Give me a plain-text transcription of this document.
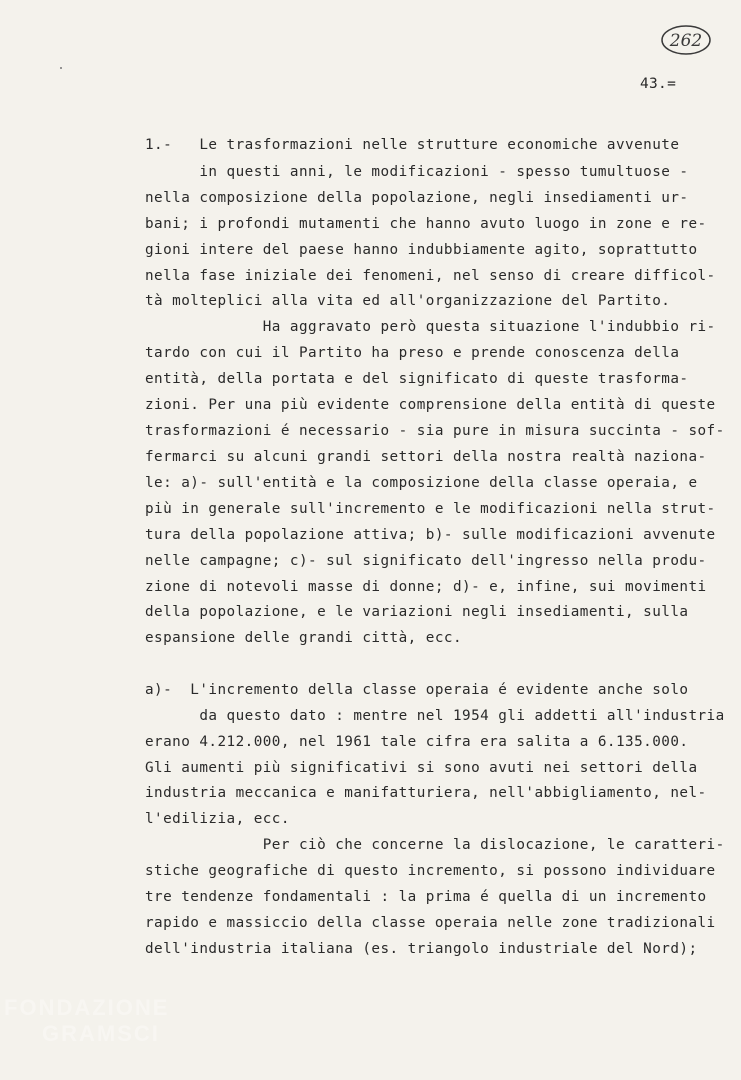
262
43.=
1.-   Le trasformazioni nelle strutture economiche avvenute
in questi anni, le modificazioni - spesso tumultuose -
nella composizione della popolazione, negli insediamenti ur-
bani; i profondi mutamenti che hanno avuto luogo in zone e re-
gioni intere del paese hanno indubbiamente agito, soprattutto
nella fase iniziale dei fenomeni, nel senso di creare difficol-
tà molteplici alla vita ed all'organizzazione del Partito.
Ha aggravato però questa situazione l'indubbio ri-
tardo con cui il Partito ha preso e prende conoscenza della
entità, della portata e del significato di queste trasforma-
zioni. Per una più evidente comprensione della entità di queste
trasformazioni é necessario - sia pure in misura succinta - sof-
fermarci su alcuni grandi settori della nostra realtà naziona-
le: a)- sull'entità e la composizione della classe operaia, e
più in generale sull'incremento e le modificazioni nella strut-
tura della popolazione attiva; b)- sulle modificazioni avvenute
nelle campagne; c)- sul significato dell'ingresso nella produ-
zione di notevoli masse di donne; d)- e, infine, sui movimenti
della popolazione, e le variazioni negli insediamenti, sulla
espansione delle grandi città, ecc.
a)-  L'incremento della classe operaia é evidente anche solo
da questo dato : mentre nel 1954 gli addetti all'industria
erano 4.212.000, nel 1961 tale cifra era salita a 6.135.000.
Gli aumenti più significativi si sono avuti nei settori della
industria meccanica e manifatturiera, nell'abbigliamento, nel-
l'edilizia, ecc.
Per ciò che concerne la dislocazione, le caratteri-
stiche geografiche di questo incremento, si possono individuare
tre tendenze fondamentali : la prima é quella di un incremento
rapido e massiccio della classe operaia nelle zone tradizionali
dell'industria italiana (es. triangolo industriale del Nord);
FONDAZIONE
GRAMSCI
